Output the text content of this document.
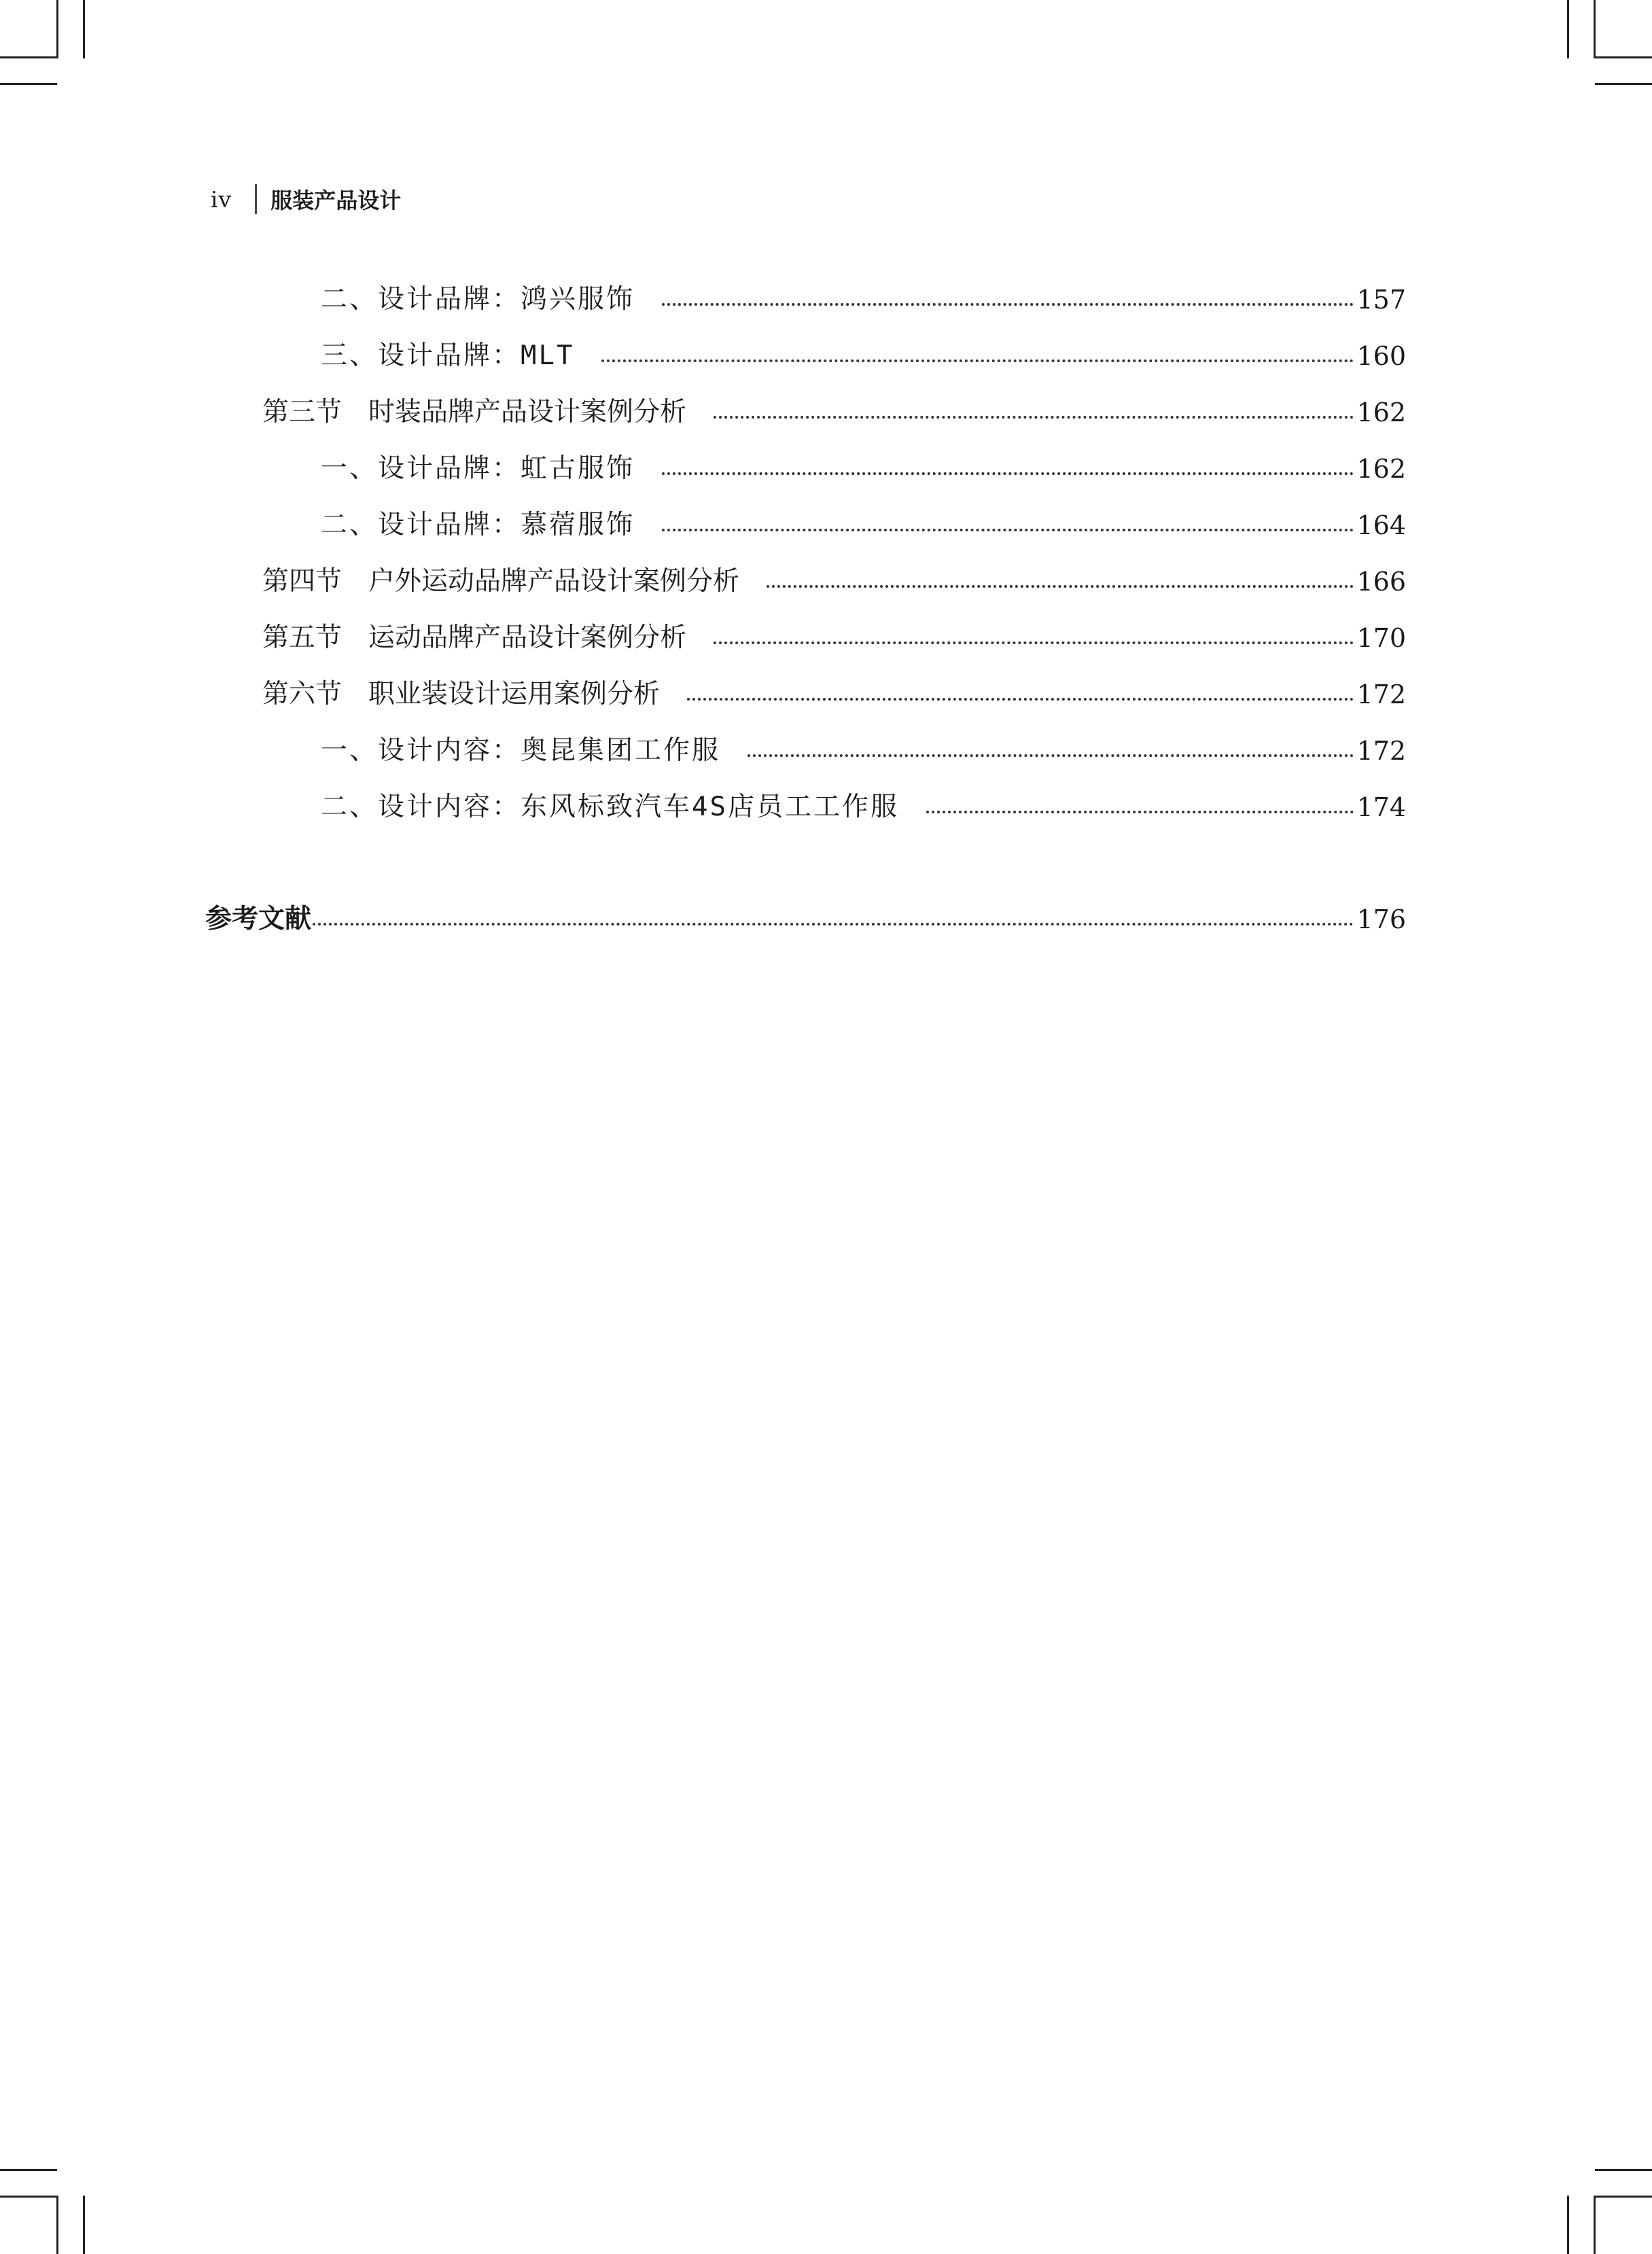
iv 服装产品设计
二、设计品牌：鸿兴服饰	157
三、设计品牌：MLT	160
第三节　时装品牌产品设计案例分析	162
一、设计品牌：虹古服饰	162
二、设计品牌：慕蓿服饰	164
第四节　户外运动品牌产品设计案例分析	166
第五节　运动品牌产品设计案例分析	170
第六节　职业装设计运用案例分析	172
一、设计内容：奥昆集团工作服	172
二、设计内容：东风标致汽车4S店员工工作服	174
参考文献	176
